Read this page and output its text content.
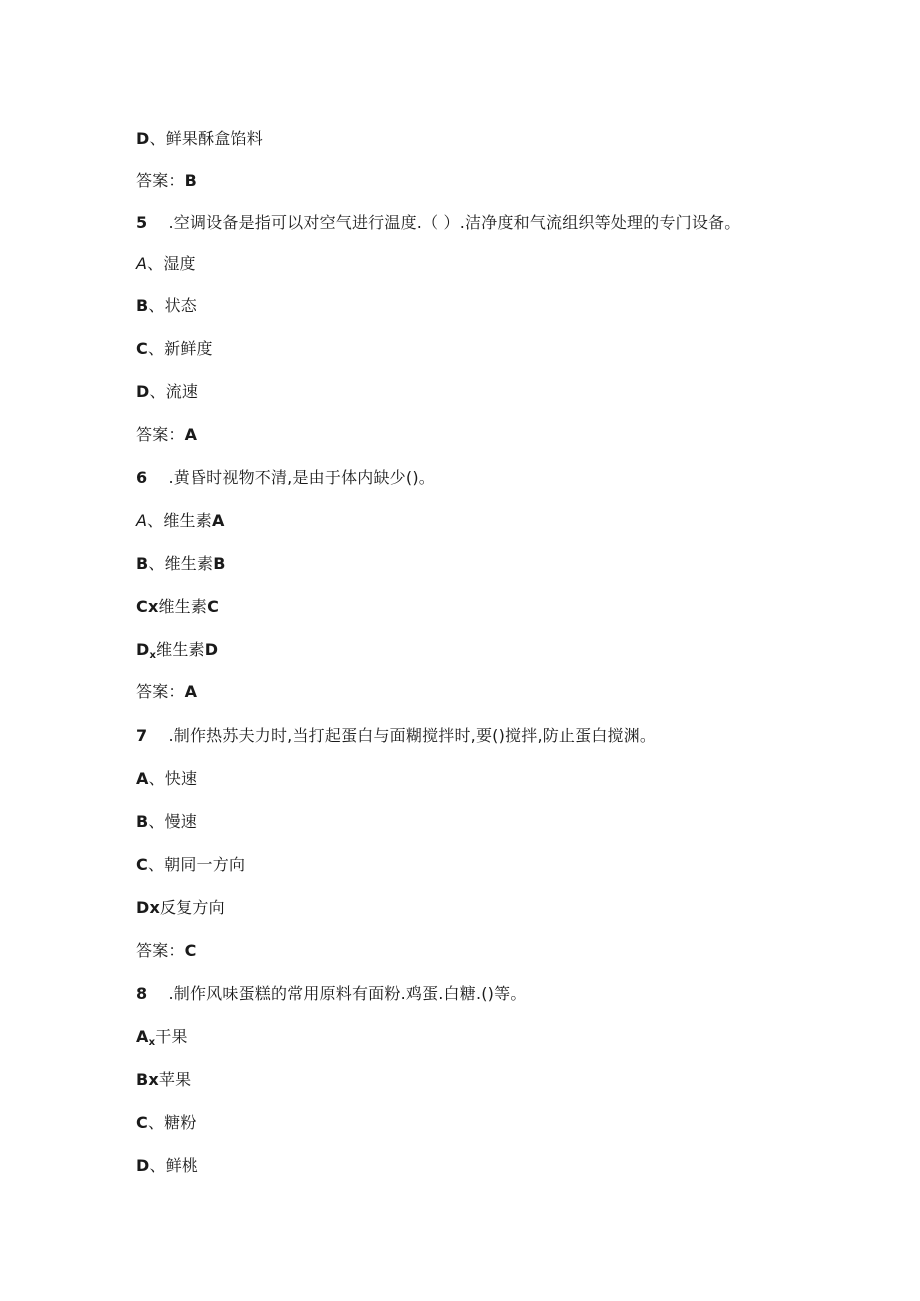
D、鲜果酥盒馅料
答案：B
5 .空调设备是指可以对空气进行温度.（ ）.洁净度和气流组织等处理的专门设备。
A、湿度
B、状态
C、新鲜度
D、流速
答案：A
6 .黄昏时视物不清,是由于体内缺少()。
A、维生素A
B、维生素B
Cx维生素C
$D_x$维生素D
答案：A
7 .制作热苏夫力时,当打起蛋白与面糊搅拌时,要()搅拌,防止蛋白搅渊。
A、快速
B、慢速
C、朝同一方向
Dx反复方向
答案：C
8 .制作风味蛋糕的常用原料有面粉.鸡蛋.白糖.()等。
$A_x$干果
Bx苹果
C、糖粉
D、鲜桃
